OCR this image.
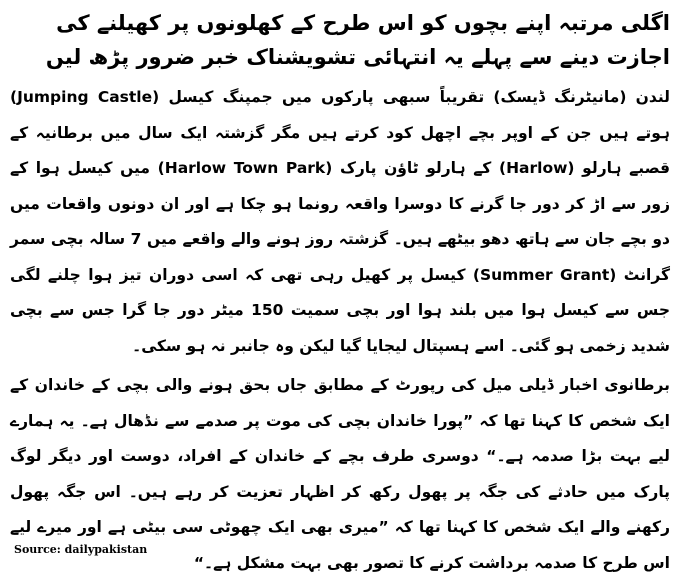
اگلی مرتبہ اپنے بچوں کو اس طرح کے کھلونوں پر کھیلنے کی اجازت دینے سے پہلے یہ انتہائی تشویشناک خبر ضرور پڑھ لیں
لندن (مانیٹرنگ ڈیسک) تقریباً سبھی پارکوں میں جمپنگ کیسل (Jumping Castle) ہوتے ہیں جن کے اوپر بچے اچھل کود کرتے ہیں مگر گزشتہ ایک سال میں برطانیہ کے قصبے ہارلو (Harlow) کے ہارلو ٹاؤن پارک (Harlow Town Park) میں کیسل ہوا کے زور سے اڑ کر دور جا گرنے کا دوسرا واقعہ رونما ہو چکا ہے اور ان دونوں واقعات میں دو بچے جان سے ہاتھ دھو بیٹھے ہیں۔ گزشتہ روز ہونے والے واقعے میں 7 سالہ بچی سمر گرانٹ (Summer Grant) کیسل پر کھیل رہی تھی کہ اسی دوران تیز ہوا چلنے لگی جس سے کیسل ہوا میں بلند ہوا اور بچی سمیت 150 میٹر دور جا گرا جس سے بچی شدید زخمی ہو گئی۔ اسے ہسپتال لیجایا گیا لیکن وہ جانبر نہ ہو سکی۔
برطانوی اخبار ڈیلی میل کی رپورٹ کے مطابق جاں بحق ہونے والی بچی کے خاندان کے ایک شخص کا کہنا تھا کہ ”پورا خاندان بچی کی موت پر صدمے سے نڈھال ہے۔ یہ ہمارے لیے بہت بڑا صدمہ ہے۔“ دوسری طرف بچے کے خاندان کے افراد، دوست اور دیگر لوگ پارک میں حادثے کی جگہ پر پھول رکھ کر اظہار تعزیت کر رہے ہیں۔ اس جگہ پھول رکھنے والے ایک شخص کا کہنا تھا کہ ”میری بھی ایک چھوٹی سی بیٹی ہے اور میرے لیے اس طرح کا صدمہ برداشت کرنے کا تصور بھی بہت مشکل ہے۔“
Source: dailypakistan
